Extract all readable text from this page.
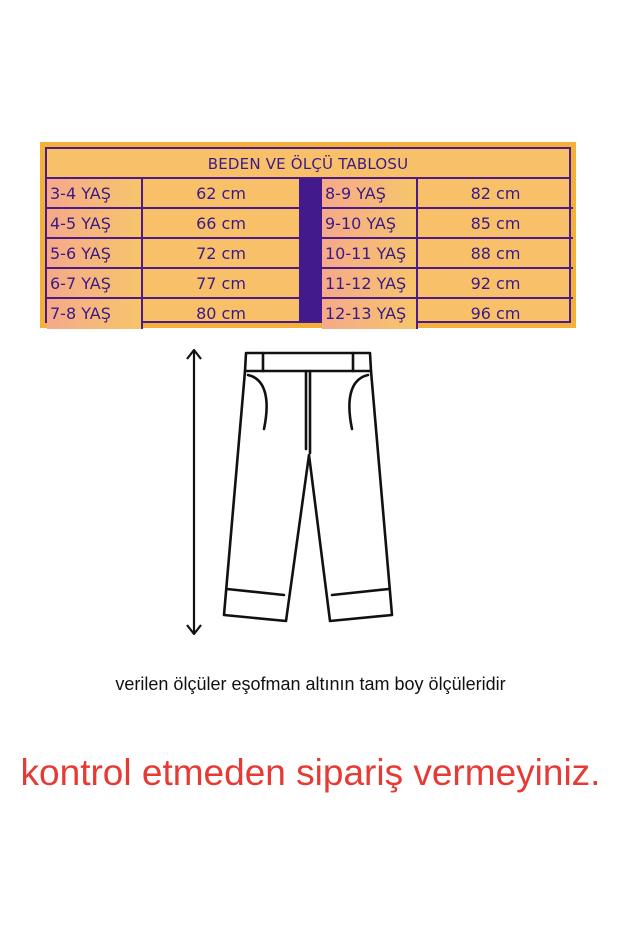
BEDEN VE ÖLÇÜ TABLOSU
3-4 YAŞ	62 cm
4-5 YAŞ	66 cm
5-6 YAŞ	72 cm
6-7 YAŞ	77 cm
7-8 YAŞ	80 cm
8-9 YAŞ	82 cm
9-10 YAŞ	85 cm
10-11 YAŞ	88 cm
11-12 YAŞ	92 cm
12-13 YAŞ	96 cm
verilen ölçüler eşofman altının tam boy ölçüleridir
kontrol etmeden sipariş vermeyiniz.
